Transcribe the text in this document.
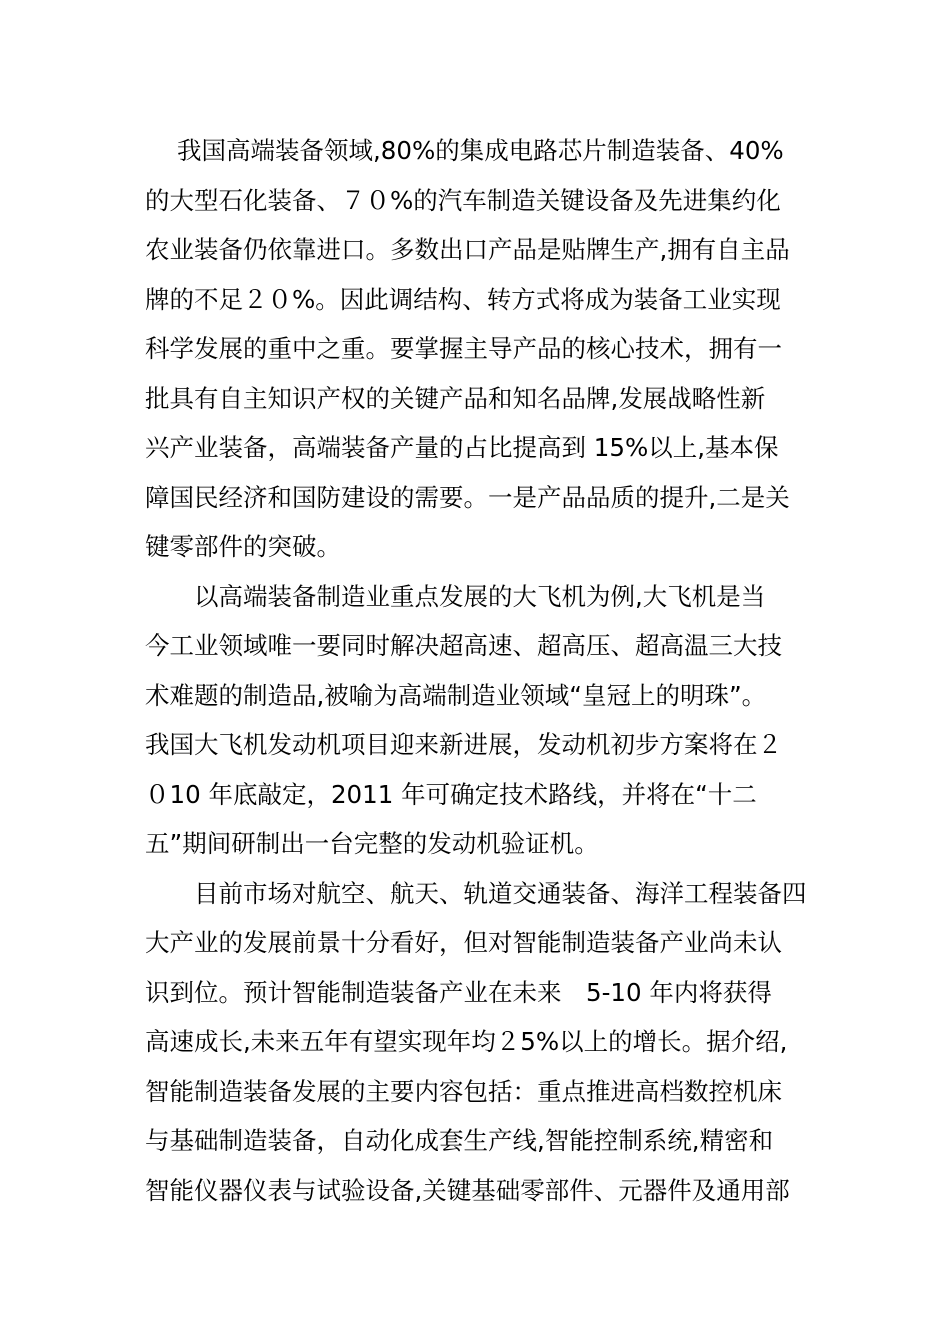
我国高端装备领域,80%的集成电路芯片制造装备、40%
的大型石化装备、７０%的汽车制造关键设备及先进集约化
农业装备仍依靠进口。多数出口产品是贴牌生产,拥有自主品
牌的不足２０%。因此调结构、转方式将成为装备工业实现
科学发展的重中之重。要掌握主导产品的核心技术，拥有一
批具有自主知识产权的关键产品和知名品牌,发展战略性新
兴产业装备，高端装备产量的占比提高到 15%以上,基本保
障国民经济和国防建设的需要。一是产品品质的提升,二是关
键零部件的突破。
以高端装备制造业重点发展的大飞机为例,大飞机是当
今工业领域唯一要同时解决超高速、超高压、超高温三大技
术难题的制造品,被喻为高端制造业领域“皇冠上的明珠”。
我国大飞机发动机项目迎来新进展，发动机初步方案将在２
０10 年底敲定，2011 年可确定技术路线，并将在“十二
五”期间研制出一台完整的发动机验证机。
目前市场对航空、航天、轨道交通装备、海洋工程装备四
大产业的发展前景十分看好，但对智能制造装备产业尚未认
识到位。预计智能制造装备产业在未来　5-10 年内将获得
高速成长,未来五年有望实现年均２5%以上的增长。据介绍,
智能制造装备发展的主要内容包括：重点推进高档数控机床
与基础制造装备，自动化成套生产线,智能控制系统,精密和
智能仪器仪表与试验设备,关键基础零部件、元器件及通用部
